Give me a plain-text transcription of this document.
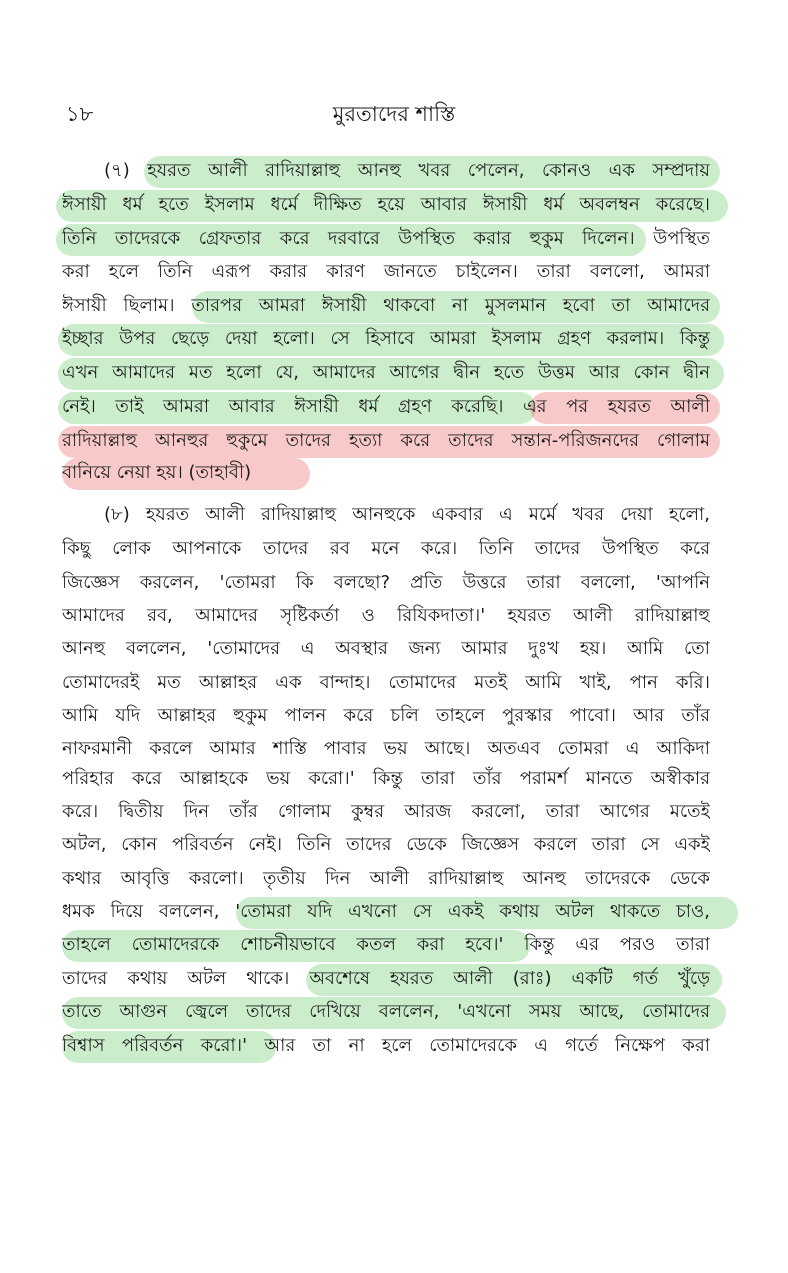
১৮	মুরতাদের শাস্তি
(৭) হযরত আলী রাদিয়াল্লাহু আনহু খবর পেলেন, কোনও এক সম্প্রদায়
ঈসায়ী ধর্ম হতে ইসলাম ধর্মে দীক্ষিত হয়ে আবার ঈসায়ী ধর্ম অবলম্বন করেছে।
তিনি তাদেরকে গ্রেফতার করে দরবারে উপস্থিত করার হুকুম দিলেন। উপস্থিত
করা হলে তিনি এরূপ করার কারণ জানতে চাইলেন। তারা বললো, আমরা
ঈসায়ী ছিলাম। তারপর আমরা ঈসায়ী থাকবো না মুসলমান হবো তা আমাদের
ইচ্ছার উপর ছেড়ে দেয়া হলো। সে হিসাবে আমরা ইসলাম গ্রহণ করলাম। কিন্তু
এখন আমাদের মত হলো যে, আমাদের আগের দ্বীন হতে উত্তম আর কোন দ্বীন
নেই। তাই আমরা আবার ঈসায়ী ধর্ম গ্রহণ করেছি। এর পর হযরত আলী
রাদিয়াল্লাহু আনহুর হুকুমে তাদের হত্যা করে তাদের সন্তান-পরিজনদের গোলাম
বানিয়ে নেয়া হয়। (তাহাবী)
(৮) হযরত আলী রাদিয়াল্লাহু আনহুকে একবার এ মর্মে খবর দেয়া হলো,
কিছু লোক আপনাকে তাদের রব মনে করে। তিনি তাদের উপস্থিত করে
জিজ্ঞেস করলেন, 'তোমরা কি বলছো? প্রতি উত্তরে তারা বললো, 'আপনি
আমাদের রব, আমাদের সৃষ্টিকর্তা ও রিযিকদাতা।' হযরত আলী রাদিয়াল্লাহু
আনহু বললেন, 'তোমাদের এ অবস্থার জন্য আমার দুঃখ হয়। আমি তো
তোমাদেরই মত আল্লাহর এক বান্দাহ। তোমাদের মতই আমি খাই, পান করি।
আমি যদি আল্লাহর হুকুম পালন করে চলি তাহলে পুরস্কার পাবো। আর তাঁর
নাফরমানী করলে আমার শাস্তি পাবার ভয় আছে। অতএব তোমরা এ আকিদা
পরিহার করে আল্লাহকে ভয় করো।' কিন্তু তারা তাঁর পরামর্শ মানতে অস্বীকার
করে। দ্বিতীয় দিন তাঁর গোলাম কুম্বর আরজ করলো, তারা আগের মতেই
অটল, কোন পরিবর্তন নেই। তিনি তাদের ডেকে জিজ্ঞেস করলে তারা সে একই
কথার আবৃত্তি করলো। তৃতীয় দিন আলী রাদিয়াল্লাহু আনহু তাদেরকে ডেকে
ধমক দিয়ে বললেন, 'তোমরা যদি এখনো সে একই কথায় অটল থাকতে চাও,
তাহলে তোমাদেরকে শোচনীয়ভাবে কতল করা হবে।' কিন্তু এর পরও তারা
তাদের কথায় অটল থাকে। অবশেষে হযরত আলী (রাঃ) একটি গর্ত খুঁড়ে
তাতে আগুন জ্বেলে তাদের দেখিয়ে বললেন, 'এখনো সময় আছে, তোমাদের
বিশ্বাস পরিবর্তন করো।' আর তা না হলে তোমাদেরকে এ গর্তে নিক্ষেপ করা
